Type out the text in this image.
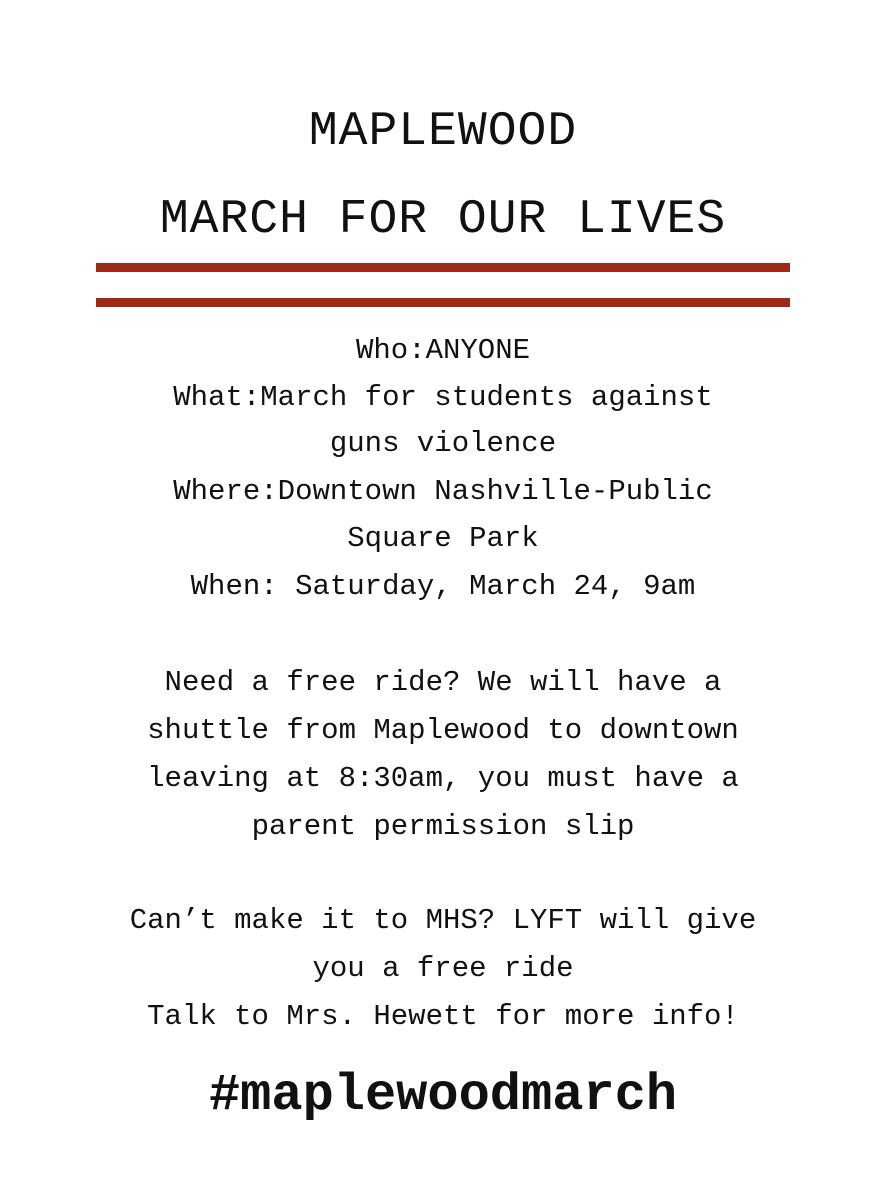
MAPLEWOOD
MARCH FOR OUR LIVES
Who:ANYONE
What:March for students against
guns violence
Where:Downtown Nashville-Public
Square Park
When: Saturday, March 24, 9am
Need a free ride? We will have a
shuttle from Maplewood to downtown
leaving at 8:30am, you must have a
parent permission slip
Can’t make it to MHS? LYFT will give
you a free ride
Talk to Mrs. Hewett for more info!
#maplewoodmarch
